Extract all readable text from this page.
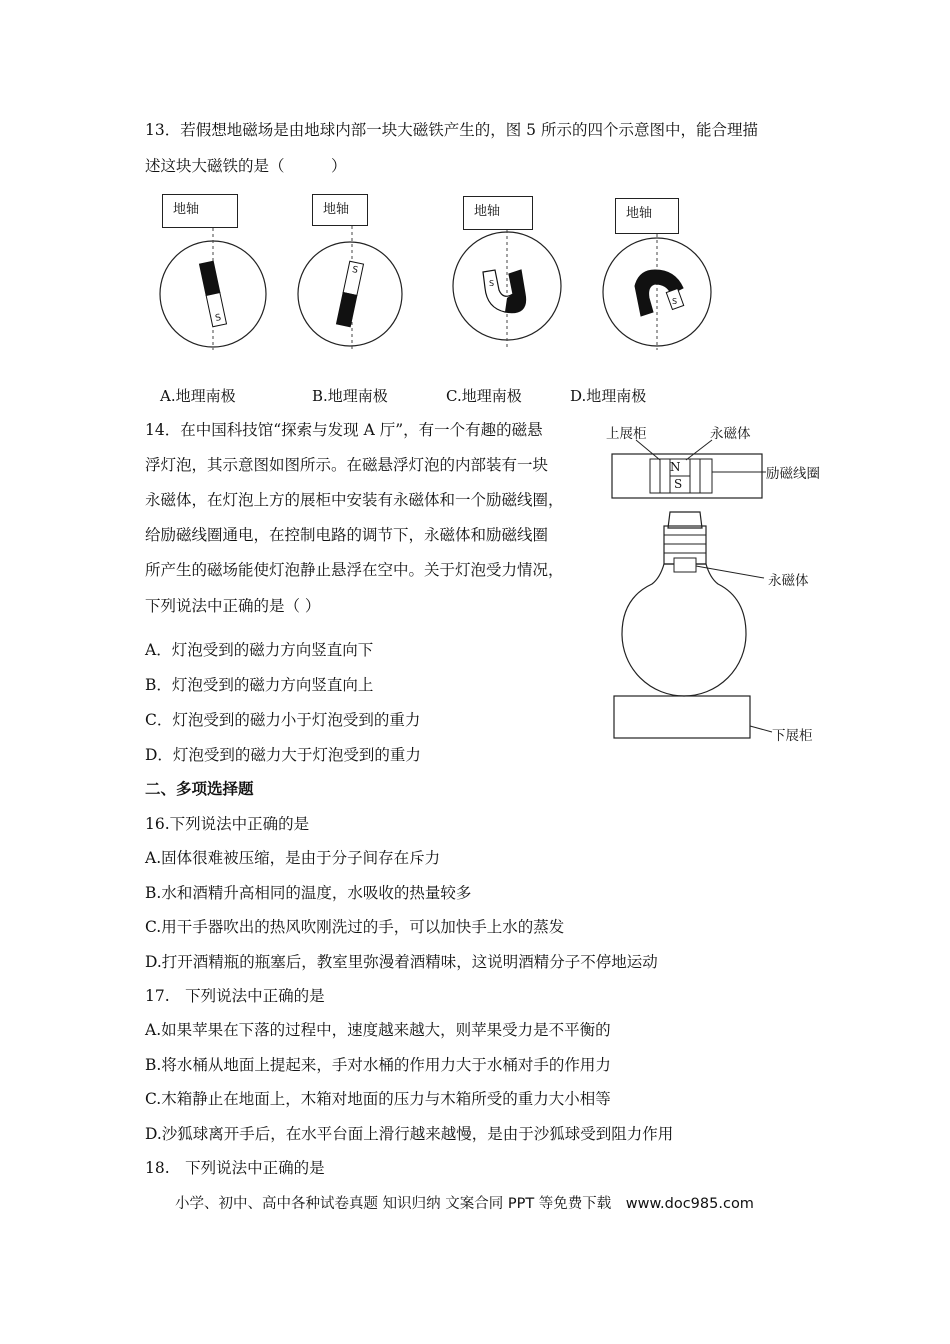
13．若假想地磁场是由地球内部一块大磁铁产生的，图 5 所示的四个示意图中，能合理描
述这块大磁铁的是（　　　）
地轴
S
地轴
S
地轴
S
地轴
S
A.地理南极	B.地理南极	C.地理南极	D.地理南极
14．在中国科技馆“探索与发现 A 厅”，有一个有趣的磁悬
浮灯泡，其示意图如图所示。在磁悬浮灯泡的内部装有一块
永磁体，在灯泡上方的展柜中安装有永磁体和一个励磁线圈，
给励磁线圈通电，在控制电路的调节下，永磁体和励磁线圈
所产生的磁场能使灯泡静止悬浮在空中。关于灯泡受力情况，
下列说法中正确的是（ ）
A．灯泡受到的磁力方向竖直向下
B．灯泡受到的磁力方向竖直向上
C．灯泡受到的磁力小于灯泡受到的重力
D．灯泡受到的磁力大于灯泡受到的重力
N
S
上展柜	永磁体
励磁线圈
永磁体
下展柜
二、多项选择题
16.下列说法中正确的是
A.固体很难被压缩，是由于分子间存在斥力
B.水和酒精升高相同的温度，水吸收的热量较多
C.用干手器吹出的热风吹刚洗过的手，可以加快手上水的蒸发
D.打开酒精瓶的瓶塞后，教室里弥漫着酒精味，这说明酒精分子不停地运动
17.　下列说法中正确的是
A.如果苹果在下落的过程中，速度越来越大，则苹果受力是不平衡的
B.将水桶从地面上提起来，手对水桶的作用力大于水桶对手的作用力
C.木箱静止在地面上，木箱对地面的压力与木箱所受的重力大小相等
D.沙狐球离开手后，在水平台面上滑行越来越慢，是由于沙狐球受到阻力作用
18.　下列说法中正确的是
小学、初中、高中各种试卷真题 知识归纳 文案合同 PPT 等免费下载　www.doc985.com
